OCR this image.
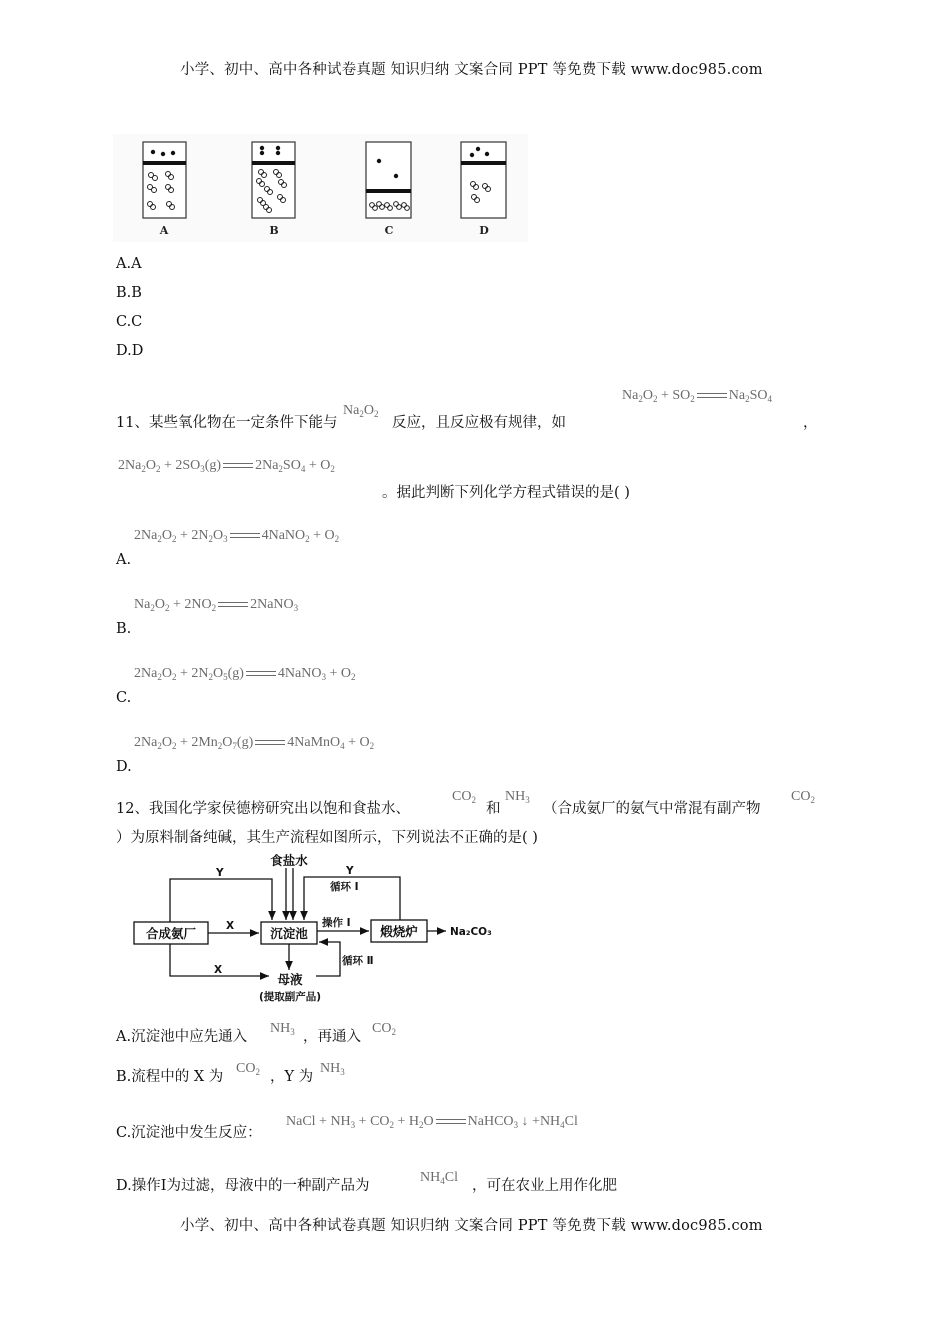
小学、初中、高中各种试卷真题 知识归纳 文案合同 PPT 等免费下载 www.doc985.com
A	B	C	D
A.A
B.B
C.C
D.D
$Na_2O_2 + SO_2$ $Na_2SO_4$
11、某些氧化物在一定条件下能与
$Na_2O_2$
反应，且反应极有规律，如	，
$2Na_2O_2 + 2SO_3(g) 2Na_2SO_4 + O_2$
。据此判断下列化学方程式错误的是( )
$2Na_2O_2 + 2N_2O_3$ 4NaNO$_2$ + $O_2$
A.
$Na_2O_2 + 2NO_2$ 2NaNO$_3$
B.
$2Na_2O_2 + 2N_2O_5(g)$ 4NaNO$_3$ + $O_2$
C.
$2Na_2O_2 + 2Mn_2O_7(g)$ 4NaMnO$_4$ + $O_2$
D.
12、我国化学家侯德榜研究出以饱和食盐水、
$CO_2$
和
$NH_3$
（合成氨厂的氨气中常混有副产物
$CO_2$
）为原料制备纯碱，其生产流程如图所示，下列说法不正确的是( )
合成氨厂	沉淀池	煅烧炉
食盐水
母液
Y	Y
循环 Ⅰ
X
X
操作 Ⅰ
循环 Ⅱ
Na₂CO₃
(提取副产品)
A.沉淀池中应先通入
$NH_3$ ，再通入
$CO_2$
B.流程中的 X 为
$CO_2$ ，Y 为
$NH_3$
C.沉淀池中发生反应：
NaCl + $NH_3 + CO_2 + H_2O$ NaHCO$_3$ ↓ $+NH_4Cl$
D.操作Ⅰ为过滤，母液中的一种副产品为
$NH_4Cl$
，可在农业上用作化肥
小学、初中、高中各种试卷真题 知识归纳 文案合同 PPT 等免费下载 www.doc985.com
